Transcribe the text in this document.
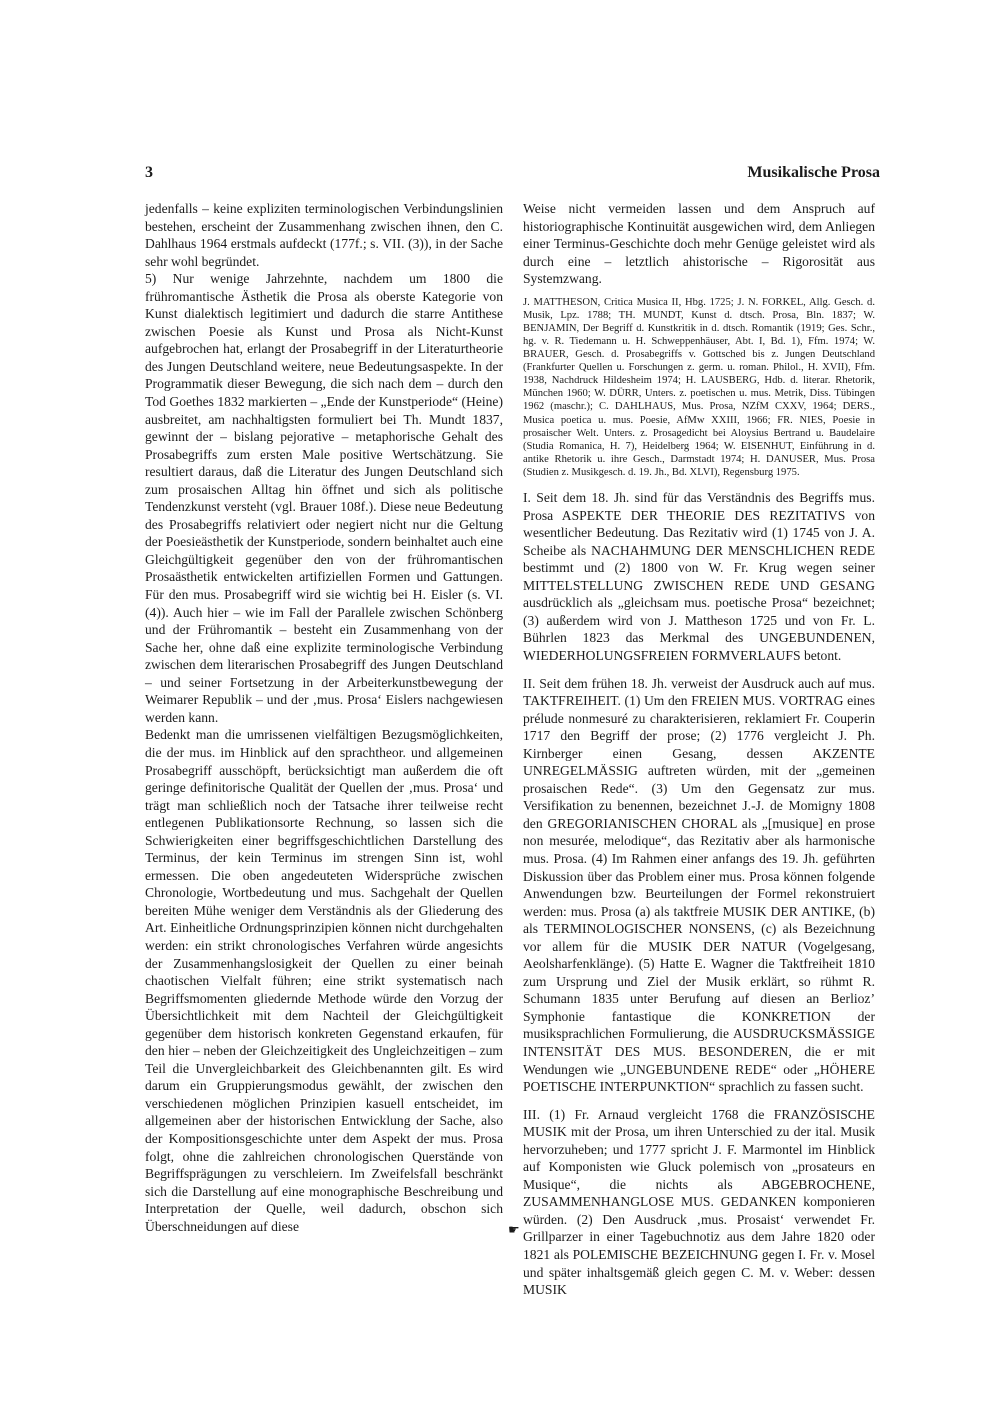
3	Musikalische Prosa

jedenfalls – keine expliziten terminologischen Verbindungslinien bestehen, erscheint der Zusammenhang zwischen ihnen, den C. Dahlhaus 1964 erstmals aufdeckt (177f.; s. VII. (3)), in der Sache sehr wohl begründet.

5) Nur wenige Jahrzehnte, nachdem um 1800 die frühromantische Ästhetik die Prosa als oberste Kategorie von Kunst dialektisch legitimiert und dadurch die starre Antithese zwischen Poesie als Kunst und Prosa als Nicht-Kunst aufgebrochen hat, erlangt der Prosabegriff in der Literaturtheorie des Jungen Deutschland weitere, neue Bedeutungsaspekte. In der Programmatik dieser Bewegung, die sich nach dem – durch den Tod Goethes 1832 markierten – „Ende der Kunstperiode“ (Heine) ausbreitet, am nachhaltigsten formuliert bei Th. Mundt 1837, gewinnt der – bislang pejorative – metaphorische Gehalt des Prosabegriffs zum ersten Male positive Wertschätzung. Sie resultiert daraus, daß die Literatur des Jungen Deutschland sich zum prosaischen Alltag hin öffnet und sich als politische Tendenzkunst versteht (vgl. Brauer 108f.). Diese neue Bedeutung des Prosabegriffs relativiert oder negiert nicht nur die Geltung der Poesieästhetik der Kunstperiode, sondern beinhaltet auch eine Gleichgültigkeit gegenüber den von der frühromantischen Prosaästhetik entwickelten artifiziellen Formen und Gattungen. Für den mus. Prosabegriff wird sie wichtig bei H. Eisler (s. VI. (4)). Auch hier – wie im Fall der Parallele zwischen Schönberg und der Frühromantik – besteht ein Zusammenhang von der Sache her, ohne daß eine explizite terminologische Verbindung zwischen dem literarischen Prosabegriff des Jungen Deutschland – und seiner Fortsetzung in der Arbeiterkunstbewegung der Weimarer Republik – und der ‚mus. Prosa‘ Eislers nachgewiesen werden kann.

Bedenkt man die umrissenen vielfältigen Bezugsmöglichkeiten, die der mus. im Hinblick auf den sprachtheor. und allgemeinen Prosabegriff ausschöpft, berücksichtigt man außerdem die oft geringe definitorische Qualität der Quellen der ‚mus. Prosa‘ und trägt man schließlich noch der Tatsache ihrer teilweise recht entlegenen Publikationsorte Rechnung, so lassen sich die Schwierigkeiten einer begriffsgeschichtlichen Darstellung des Terminus, der kein Terminus im strengen Sinn ist, wohl ermessen. Die oben angedeuteten Widersprüche zwischen Chronologie, Wortbedeutung und mus. Sachgehalt der Quellen bereiten Mühe weniger dem Verständnis als der Gliederung des Art. Einheitliche Ordnungsprinzipien können nicht durchgehalten werden: ein strikt chronologisches Verfahren würde angesichts der Zusammenhangslosigkeit der Quellen zu einer beinah chaotischen Vielfalt führen; eine strikt systematisch nach Begriffsmomenten gliedernde Methode würde den Vorzug der Übersichtlichkeit mit dem Nachteil der Gleichgültigkeit gegenüber dem historisch konkreten Gegenstand erkaufen, für den hier – neben der Gleichzeitigkeit des Ungleichzeitigen – zum Teil die Unvergleichbarkeit des Gleichbenannten gilt. Es wird darum ein Gruppierungsmodus gewählt, der zwischen den verschiedenen möglichen Prinzipien kasuell entscheidet, im allgemeinen aber der historischen Entwicklung der Sache, also der Kompositionsgeschichte unter dem Aspekt der mus. Prosa folgt, ohne die zahlreichen chronologischen Querstände von Begriffsprägungen zu verschleiern. Im Zweifelsfall beschränkt sich die Darstellung auf eine monographische Beschreibung und Interpretation der Quelle, weil dadurch, obschon sich Überschneidungen auf diese	☛

Weise nicht vermeiden lassen und dem Anspruch auf historiographische Kontinuität ausgewichen wird, dem Anliegen einer Terminus-Geschichte doch mehr Genüge geleistet wird als durch eine – letztlich ahistorische – Rigorosität aus Systemzwang.

J. MATTHESON, Critica Musica II, Hbg. 1725; J. N. FORKEL, Allg. Gesch. d. Musik, Lpz. 1788; TH. MUNDT, Kunst d. dtsch. Prosa, Bln. 1837; W. BENJAMIN, Der Begriff d. Kunstkritik in d. dtsch. Romantik (1919; Ges. Schr., hg. v. R. Tiedemann u. H. Schweppenhäuser, Abt. I, Bd. 1), Ffm. 1974; W. BRAUER, Gesch. d. Prosabegriffs v. Gottsched bis z. Jungen Deutschland (Frankfurter Quellen u. Forschungen z. germ. u. roman. Philol., H. XVII), Ffm. 1938, Nachdruck Hildesheim 1974; H. LAUSBERG, Hdb. d. literar. Rhetorik, München 1960; W. DÜRR, Unters. z. poetischen u. mus. Metrik, Diss. Tübingen 1962 (maschr.); C. DAHLHAUS, Mus. Prosa, NZfM CXXV, 1964; DERS., Musica poetica u. mus. Poesie, AfMw XXIII, 1966; FR. NIES, Poesie in prosaischer Welt. Unters. z. Prosagedicht bei Aloysius Bertrand u. Baudelaire (Studia Romanica, H. 7), Heidelberg 1964; W. EISENHUT, Einführung in d. antike Rhetorik u. ihre Gesch., Darmstadt 1974; H. DANUSER, Mus. Prosa (Studien z. Musikgesch. d. 19. Jh., Bd. XLVI), Regensburg 1975.

I. Seit dem 18. Jh. sind für das Verständnis des Begriffs mus. Prosa ASPEKTE DER THEORIE DES REZITATIVS von wesentlicher Bedeutung. Das Rezitativ wird (1) 1745 von J. A. Scheibe als NACHAHMUNG DER MENSCHLICHEN REDE bestimmt und (2) 1800 von W. Fr. Krug wegen seiner MITTELSTELLUNG ZWISCHEN REDE UND GESANG ausdrücklich als „gleichsam mus. poetische Prosa“ bezeichnet; (3) außerdem wird von J. Mattheson 1725 und von Fr. L. Bührlen 1823 das Merkmal des UNGEBUNDENEN, WIEDERHOLUNGSFREIEN FORMVERLAUFS betont.

II. Seit dem frühen 18. Jh. verweist der Ausdruck auch auf mus. TAKTFREIHEIT. (1) Um den FREIEN MUS. VORTRAG eines prélude nonmesuré zu charakterisieren, reklamiert Fr. Couperin 1717 den Begriff der prose; (2) 1776 vergleicht J. Ph. Kirnberger einen Gesang, dessen AKZENTE UNREGELMÄSSIG auftreten würden, mit der „gemeinen prosaischen Rede“. (3) Um den Gegensatz zur mus. Versifikation zu benennen, bezeichnet J.-J. de Momigny 1808 den GREGORIANISCHEN CHORAL als „[musique] en prose non mesurée, melodique“, das Rezitativ aber als harmonische mus. Prosa. (4) Im Rahmen einer anfangs des 19. Jh. geführten Diskussion über das Problem einer mus. Prosa können folgende Anwendungen bzw. Beurteilungen der Formel rekonstruiert werden: mus. Prosa (a) als taktfreie MUSIK DER ANTIKE, (b) als TERMINOLOGISCHER NONSENS, (c) als Bezeichnung vor allem für die MUSIK DER NATUR (Vogelgesang, Aeolsharfenklänge). (5) Hatte E. Wagner die Taktfreiheit 1810 zum Ursprung und Ziel der Musik erklärt, so rühmt R. Schumann 1835 unter Berufung auf diesen an Berlioz’ Symphonie fantastique die KONKRETION der musiksprachlichen Formulierung, die AUSDRUCKSMÄSSIGE INTENSITÄT DES MUS. BESONDEREN, die er mit Wendungen wie „UNGEBUNDENE REDE“ oder „HÖHERE POETISCHE INTERPUNKTION“ sprachlich zu fassen sucht.

III. (1) Fr. Arnaud vergleicht 1768 die FRANZÖSISCHE MUSIK mit der Prosa, um ihren Unterschied zu der ital. Musik hervorzuheben; und 1777 spricht J. F. Marmontel im Hinblick auf Komponisten wie Gluck polemisch von „prosateurs en Musique“, die nichts als ABGEBROCHENE, ZUSAMMENHANGLOSE MUS. GEDANKEN komponieren würden. (2) Den Ausdruck ‚mus. Prosaist‘ verwendet Fr. Grillparzer in einer Tagebuchnotiz aus dem Jahre 1820 oder 1821 als POLEMISCHE BEZEICHNUNG gegen I. Fr. v. Mosel und später inhaltsgemäß gleich gegen C. M. v. Weber: dessen MUSIK
